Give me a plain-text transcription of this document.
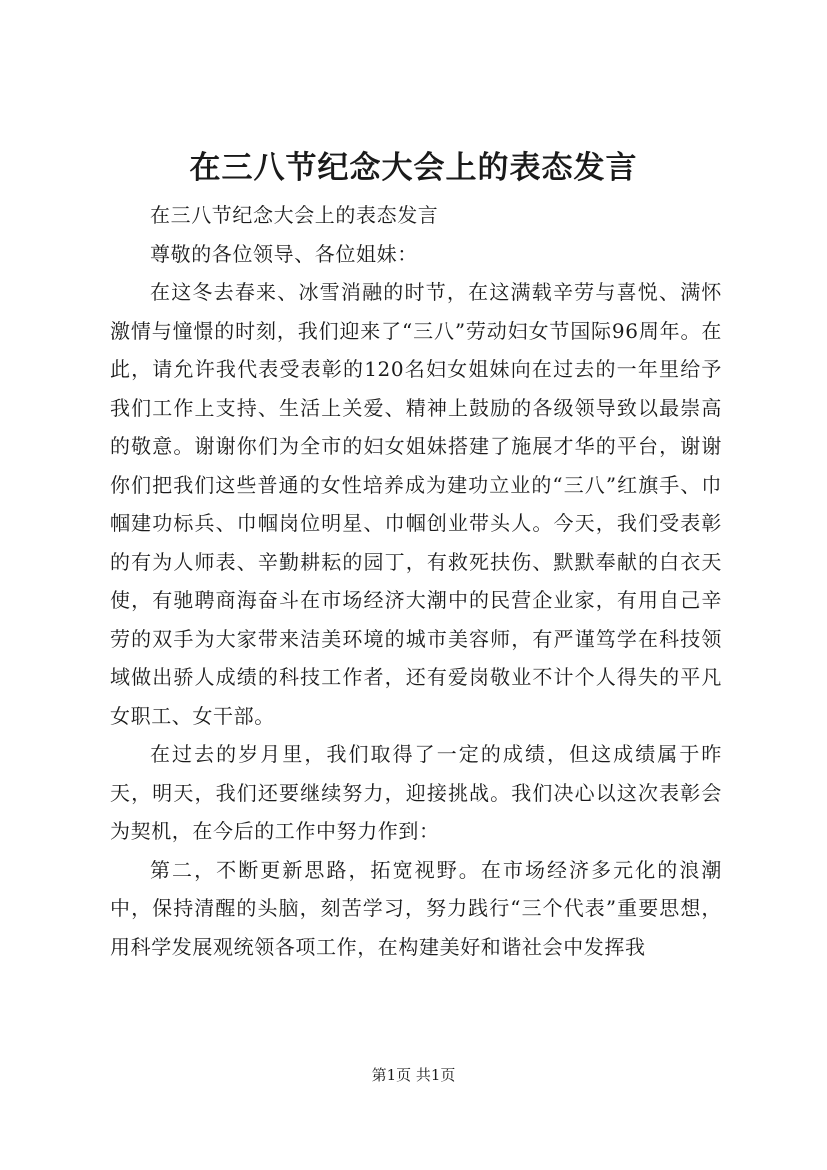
在三八节纪念大会上的表态发言

在三八节纪念大会上的表态发言

尊敬的各位领导、各位姐妹：

在这冬去春来、冰雪消融的时节，在这满载辛劳与喜悦、满怀激情与憧憬的时刻，我们迎来了“三八”劳动妇女节国际96周年。在此，请允许我代表受表彰的120名妇女姐妹向在过去的一年里给予我们工作上支持、生活上关爱、精神上鼓励的各级领导致以最崇高的敬意。谢谢你们为全市的妇女姐妹搭建了施展才华的平台，谢谢你们把我们这些普通的女性培养成为建功立业的“三八”红旗手、巾帼建功标兵、巾帼岗位明星、巾帼创业带头人。今天，我们受表彰的有为人师表、辛勤耕耘的园丁，有救死扶伤、默默奉献的白衣天使，有驰聘商海奋斗在市场经济大潮中的民营企业家，有用自己辛劳的双手为大家带来洁美环境的城市美容师，有严谨笃学在科技领域做出骄人成绩的科技工作者，还有爱岗敬业不计个人得失的平凡女职工、女干部。

在过去的岁月里，我们取得了一定的成绩，但这成绩属于昨天，明天，我们还要继续努力，迎接挑战。我们决心以这次表彰会为契机，在今后的工作中努力作到：

第二，不断更新思路，拓宽视野。在市场经济多元化的浪潮中，保持清醒的头脑，刻苦学习，努力践行“三个代表”重要思想，用科学发展观统领各项工作，在构建美好和谐社会中发挥我

第1页 共1页
